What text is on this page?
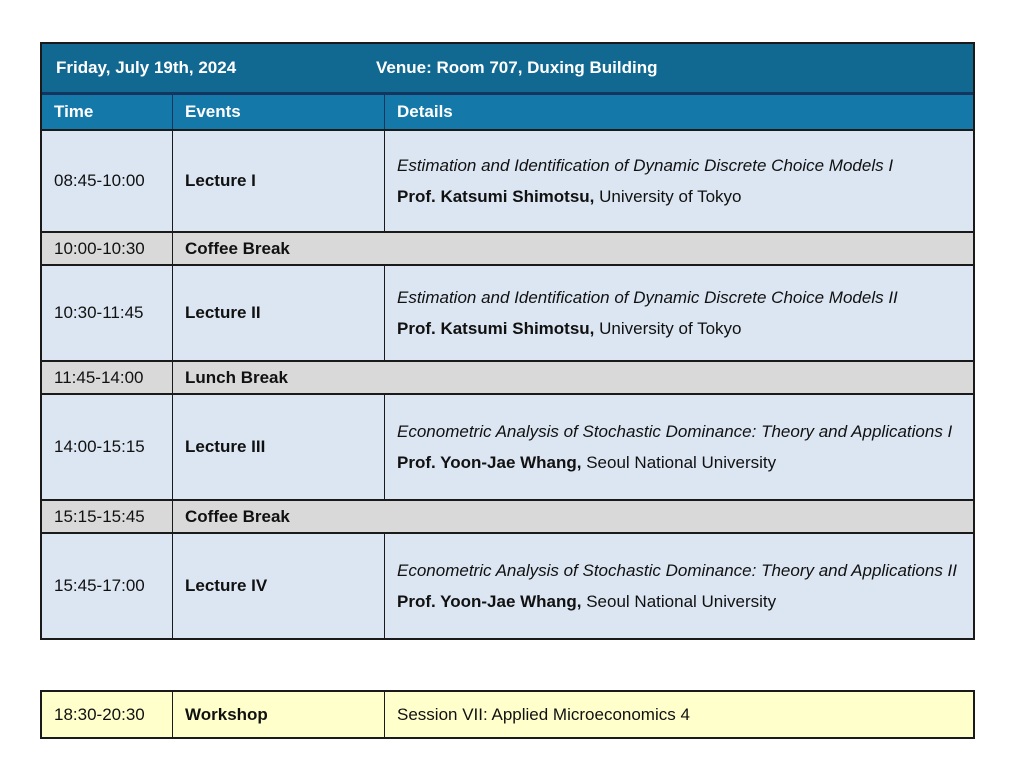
Friday, July 19th, 2024	Venue: Room 707, Duxing Building
Time	Events	Details
08:45-10:00	Lecture I
Estimation and Identification of Dynamic Discrete Choice Models I
Prof. Katsumi Shimotsu, University of Tokyo
10:00-10:30	Coffee Break
10:30-11:45	Lecture II
Estimation and Identification of Dynamic Discrete Choice Models II
Prof. Katsumi Shimotsu, University of Tokyo
11:45-14:00	Lunch Break
14:00-15:15	Lecture III
Econometric Analysis of Stochastic Dominance: Theory and Applications I
Prof. Yoon-Jae Whang, Seoul National University
15:15-15:45	Coffee Break
15:45-17:00	Lecture IV
Econometric Analysis of Stochastic Dominance: Theory and Applications II
Prof. Yoon-Jae Whang, Seoul National University
18:30-20:30	Workshop	Session VII: Applied Microeconomics 4
